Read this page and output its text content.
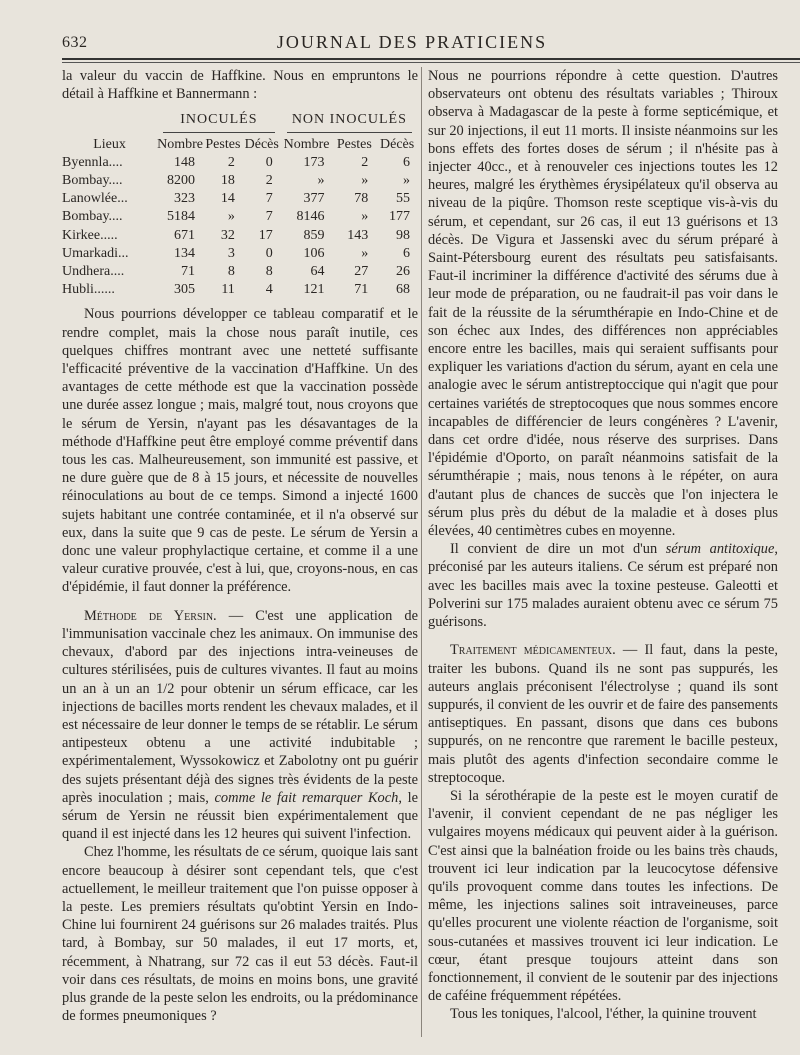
632	JOURNAL DES PRATICIENS

la valeur du vaccin de Haffkine. Nous en empruntons le détail à Haffkine et Bannermann :

	INOCULÉS			NON INOCULÉS		

Lieux	Nombre	Pestes	Décès	Nombre	Pestes	Décès
Byennla....	148	2	0	173	2	6
Bombay....	8200	18	2	»	»	»
Lanowlée...	323	14	7	377	78	55
Bombay....	5184	»	7	8146	»	177
Kirkee.....	671	32	17	859	143	98
Umarkadi...	134	3	0	106	»	6
Undhera....	71	8	8	64	27	26
Hubli......	305	11	4	121	71	68

Nous pourrions développer ce tableau comparatif et le rendre complet, mais la chose nous paraît inutile, ces quelques chiffres montrant avec une netteté suffisante l'efficacité préventive de la vaccination d'Haffkine. Un des avantages de cette méthode est que la vaccination possède une durée assez longue ; mais, malgré tout, nous croyons que le sérum de Yersin, n'ayant pas les désavantages de la méthode d'Haffkine peut être employé comme préventif dans tous les cas. Malheureusement, son immunité est passive, et ne dure guère que de 8 à 15 jours, et nécessite de nouvelles réinoculations au bout de ce temps. Simond a injecté 1600 sujets habitant une contrée contaminée, et il n'a observé sur eux, dans la suite que 9 cas de peste. Le sérum de Yersin a donc une valeur prophylactique certaine, et comme il a une valeur curative prouvée, c'est à lui, que, croyons-nous, en cas d'épidémie, il faut donner la préférence.

Méthode de Yersin. — C'est une application de l'immunisation vaccinale chez les animaux. On immunise des chevaux, d'abord par des injections intra-veineuses de cultures stérilisées, puis de cultures vivantes. Il faut au moins un an à un an 1/2 pour obtenir un sérum efficace, car les injections de bacilles morts rendent les chevaux malades, et il est nécessaire de leur donner le temps de se rétablir. Le sérum antipesteux obtenu a une activité indubitable ; expérimentalement, Wyssokowicz et Zabolotny ont pu guérir des sujets présentant déjà des signes très évidents de la peste après inoculation ; mais, comme le fait remarquer Koch, le sérum de Yersin ne réussit bien expérimentalement que quand il est injecté dans les 12 heures qui suivent l'infection.

Chez l'homme, les résultats de ce sérum, quoique lais sant encore beaucoup à désirer sont cependant tels, que c'est actuellement, le meilleur traitement que l'on puisse opposer à la peste. Les premiers résultats qu'obtint Yersin en Indo-Chine lui fournirent 24 guérisons sur 26 malades traités. Plus tard, à Bombay, sur 50 malades, il eut 17 morts, et, récemment, à Nhatrang, sur 72 cas il eut 53 décès. Faut-il voir dans ces résultats, de moins en moins bons, une gravité plus grande de la peste selon les endroits, ou la prédominance de formes pneumoniques ?

Nous ne pourrions répondre à cette question. D'autres observateurs ont obtenu des résultats variables ; Thiroux observa à Madagascar de la peste à forme septicémique, et sur 20 injections, il eut 11 morts. Il insiste néanmoins sur les bons effets des fortes doses de sérum ; il n'hésite pas à injecter 40cc., et à renouveler ces injections toutes les 12 heures, malgré les érythèmes érysipélateux qu'il observa au niveau de la piqûre. Thomson reste sceptique vis-à-vis du sérum, et cependant, sur 26 cas, il eut 13 guérisons et 13 décès. De Vigura et Jassenski avec du sérum préparé à Saint-Pétersbourg eurent des résultats peu satisfaisants. Faut-il incriminer la différence d'activité des sérums due à leur mode de préparation, ou ne faudrait-il pas voir dans le fait de la réussite de la sérumthérapie en Indo-Chine et de son échec aux Indes, des différences non appréciables encore entre les bacilles, mais qui seraient suffisants pour expliquer les variations d'action du sérum, ayant en cela une analogie avec le sérum antistreptoccique qui n'agit que pour certaines variétés de streptocoques que nous sommes encore incapables de différencier de leurs congénères ? L'avenir, dans cet ordre d'idée, nous réserve des surprises. Dans l'épidémie d'Oporto, on paraît néanmoins satisfait de la sérumthérapie ; mais, nous tenons à le répéter, on aura d'autant plus de chances de succès que l'on injectera le sérum plus près du début de la maladie et à doses plus élevées, 40 centimètres cubes en moyenne.

Il convient de dire un mot d'un sérum antitoxique, préconisé par les auteurs italiens. Ce sérum est préparé non avec les bacilles mais avec la toxine pesteuse. Galeotti et Polverini sur 175 malades auraient obtenu avec ce sérum 75 guérisons.

Traitement médicamenteux. — Il faut, dans la peste, traiter les bubons. Quand ils ne sont pas suppurés, les auteurs anglais préconisent l'électrolyse ; quand ils sont suppurés, il convient de les ouvrir et de faire des pansements antiseptiques. En passant, disons que dans ces bubons suppurés, on ne rencontre que rarement le bacille pesteux, mais plutôt des agents d'infection secondaire comme le streptocoque.

Si la sérothérapie de la peste est le moyen curatif de l'avenir, il convient cependant de ne pas négliger les vulgaires moyens médicaux qui peuvent aider à la guérison. C'est ainsi que la balnéation froide ou les bains très chauds, trouvent ici leur indication par la leucocytose défensive qu'ils provoquent comme dans toutes les infections. De même, les injections salines soit intraveineuses, parce qu'elles procurent une violente réaction de l'organisme, soit sous-cutanées et massives trouvent ici leur indication. Le cœur, étant presque toujours atteint dans son fonctionnement, il convient de le soutenir par des injections de caféine fréquemment répétées.

Tous les toniques, l'alcool, l'éther, la quinine trouvent
